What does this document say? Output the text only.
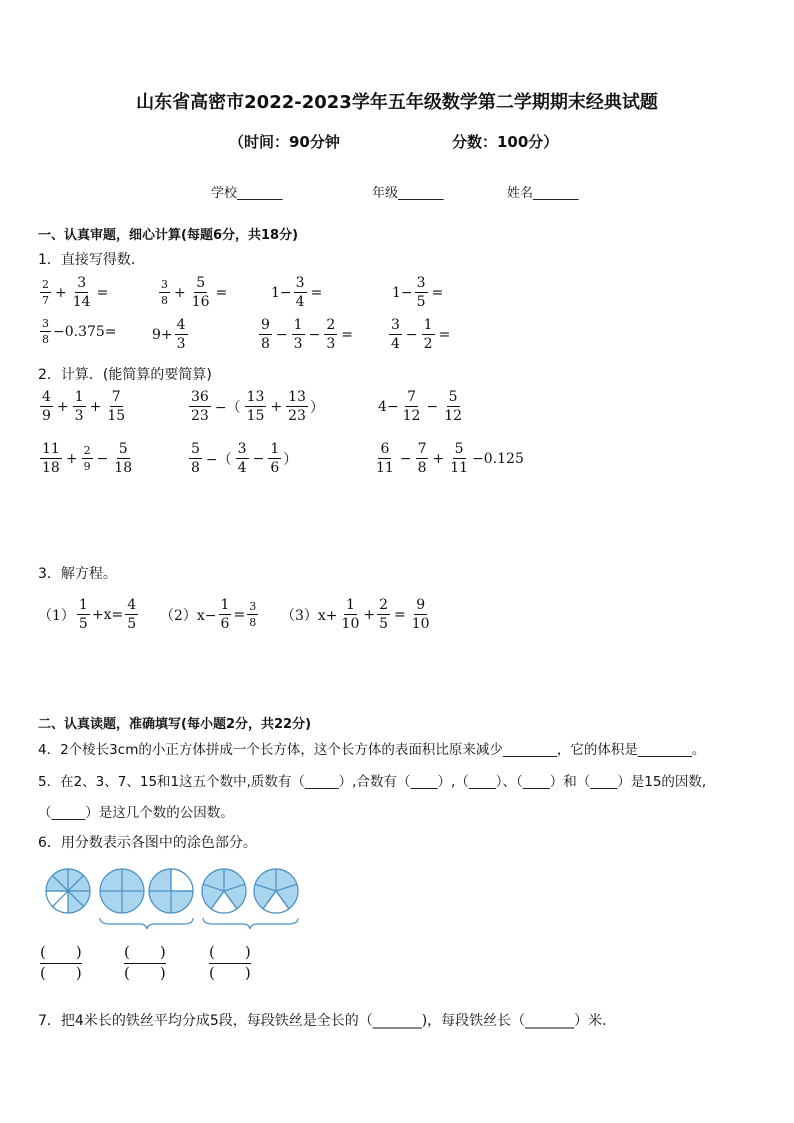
山东省高密市2022-2023学年五年级数学第二学期期末经典试题
（时间：90分钟	分数：100分）
学校_______	年级_______	姓名_______
一、认真审题，细心计算(每题6分，共18分)
1．直接写得数．
$\frac{2}{7} + \frac{3}{14}$ =	$\frac{3}{8} + \frac{5}{16}$ =	$1- \frac{3}{4}$ =	$1- \frac{3}{5}$ =
$\frac{3}{8} -0.375=$	$9+ \frac{4}{3}$	$\frac{9}{8} - \frac{1}{3} - \frac{2}{3}$ =	$\frac{3}{4} - \frac{1}{2}$ =
2．计算．(能简算的要简算)
$\frac{4}{9} + \frac{1}{3} + \frac{7}{15}$	$\frac{36}{23}$ −（ $\frac{13}{15} + \frac{13}{23}$ ）	$4- \frac{7}{12} - \frac{5}{12}$
$\frac{11}{18} + \frac{2}{9} - \frac{5}{18}$	$\frac{5}{8}$ −（ $\frac{3}{4} - \frac{1}{6}$ ）	$\frac{6}{11} - \frac{7}{8} + \frac{5}{11} -0.125$
3．解方程。
$(1) \frac{1}{5} +x= \frac{4}{5} (2)x- \frac{1}{6} = \frac{3}{8} (3)x+ \frac{1}{10} + \frac{2}{5} = \frac{9}{10}$
二、认真读题，准确填写(每小题2分，共22分)
4．2个棱长3cm的小正方体拼成一个长方体，这个长方体的表面积比原来减少________，它的体积是________。
5．在2、3、7、15和1这五个数中,质数有（_____）,合数有（____）,（____）、（____）和（____）是15的因数,
（_____）是这几个数的公因数。
6．用分数表示各图中的涂色部分。
$\frac{( )}{( )}$	$\frac{( )}{( )}$	$\frac{( )}{( )}$
7．把4米长的铁丝平均分成5段，每段铁丝是全长的（_______)，每段铁丝长（_______）米.
